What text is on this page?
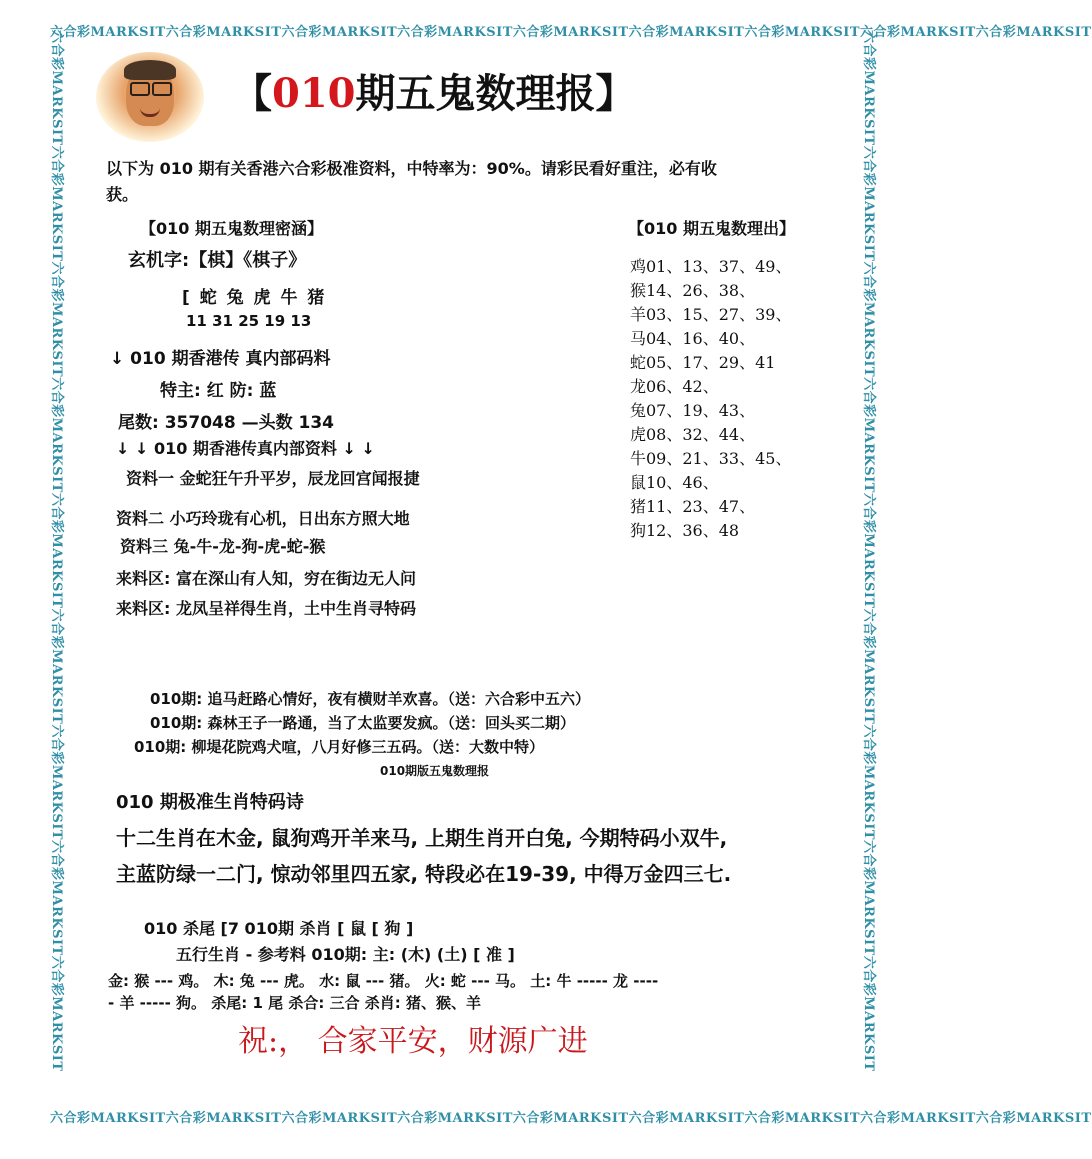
六合彩MARKSIT六合彩MARKSIT六合彩MARKSIT六合彩MARKSIT六合彩MARKSIT六合彩MARKSIT六合彩MARKSIT六合彩MARKSIT六合彩MARKSIT
六合彩MARKSIT六合彩MARKSIT六合彩MARKSIT六合彩MARKSIT六合彩MARKSIT六合彩MARKSIT六合彩MARKSIT六合彩MARKSIT六合彩MARKSIT
六合彩MARKSIT六合彩MARKSIT六合彩MARKSIT六合彩MARKSIT六合彩MARKSIT六合彩MARKSIT六合彩MARKSIT六合彩MARKSIT六合彩MARKSIT	六合彩MARKSIT六合彩MARKSIT六合彩MARKSIT六合彩MARKSIT六合彩MARKSIT六合彩MARKSIT六合彩MARKSIT六合彩MARKSIT六合彩MARKSIT
【010期五鬼数理报】
以下为 010 期有关香港六合彩极准资料，中特率为：90%。请彩民看好重注，必有收
获。
【010 期五鬼数理密涵】
玄机字:【棋】《棋子》
[ 蛇 兔 虎 牛 猪
11 31 25 19 13
↓ 010 期香港传 真内部码料
特主: 红 防: 蓝
尾数: 357048 —头数 134
↓ ↓ 010 期香港传真内部资料 ↓ ↓
资料一 金蛇狂午升平岁，辰龙回宫闻报捷
资料二 小巧玲珑有心机，日出东方照大地
资料三 兔-牛-龙-狗-虎-蛇-猴
来料区: 富在深山有人知，穷在街边无人问
来料区: 龙凤呈祥得生肖，土中生肖寻特码
【010 期五鬼数理出】
鸡01、13、37、49、
猴14、26、38、
羊03、15、27、39、
马04、16、40、
蛇05、17、29、41
龙06、42、
兔07、19、43、
虎08、32、44、
牛09、21、33、45、
鼠10、46、
猪11、23、47、
狗12、36、48
010期: 追马赶路心情好，夜有横财羊欢喜。（送：六合彩中五六）
010期: 森林王子一路通，当了太监要发疯。（送：回头买二期）
010期: 柳堤花院鸡犬喧，八月好修三五码。（送：大数中特）
010期版五鬼数理报
010 期极准生肖特码诗
十二生肖在木金, 鼠狗鸡开羊来马, 上期生肖开白兔, 今期特码小双牛,
主蓝防绿一二门, 惊动邻里四五家, 特段必在19-39, 中得万金四三七.
010 杀尾 [7 010期 杀肖 [ 鼠 [ 狗 ]
五行生肖 - 参考料 010期: 主: (木) (土) [ 准 ]
金: 猴 --- 鸡。 木: 兔 --- 虎。 水: 鼠 --- 猪。 火: 蛇 --- 马。 土: 牛 ----- 龙 ----
- 羊 ----- 狗。 杀尾: 1 尾 杀合: 三合 杀肖: 猪、猴、羊
祝:， 合家平安，财源广进
